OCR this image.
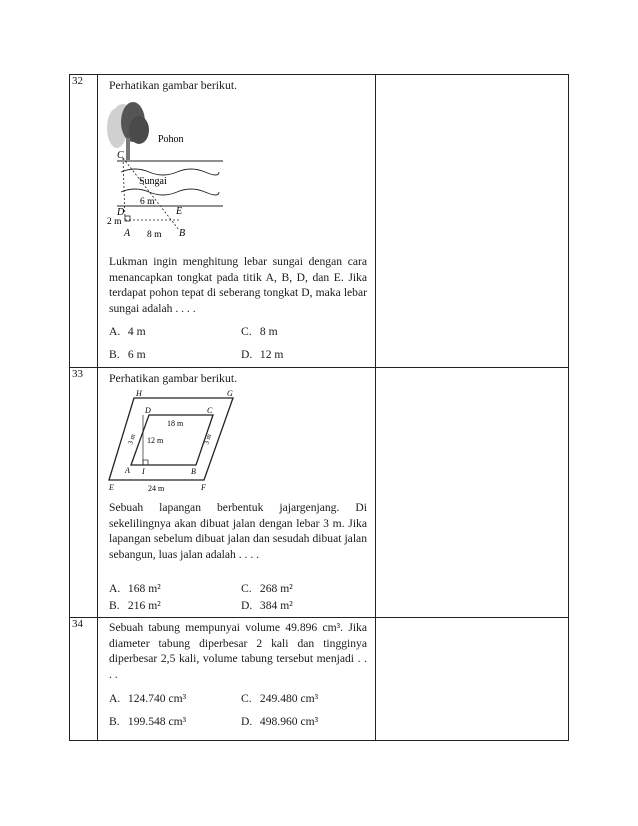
32 Perhatikan gambar berikut.
Pohon
Sungai
C
6 m
D	E
2 m
A 8 m B
Lukman ingin menghitung lebar sungai dengan cara menancapkan tongkat pada titik A, B, D, dan E. Jika terdapat pohon tepat di seberang tongkat D, maka lebar sungai adalah . . . .
A. 4 m	C. 8 m
B. 6 m	D. 12 m
33 Perhatikan gambar berikut.
H	G
D	C
18 m
12 m
A I	B
E	24 m	F
3 m	3 m
Sebuah lapangan berbentuk jajargenjang. Di sekelilingnya akan dibuat jalan dengan lebar 3 m. Jika lapangan sebelum dibuat jalan dan sesudah dibuat jalan sebangun, luas jalan adalah . . . .
A. 168 m²	C. 268 m²
B. 216 m²	D. 384 m²
34 Sebuah tabung mempunyai volume 49.896 cm³. Jika diameter tabung diperbesar 2 kali dan tingginya diperbesar 2,5 kali, volume tabung tersebut menjadi . . . .
A. 124.740 cm³	C. 249.480 cm³
B. 199.548 cm³	D. 498.960 cm³
